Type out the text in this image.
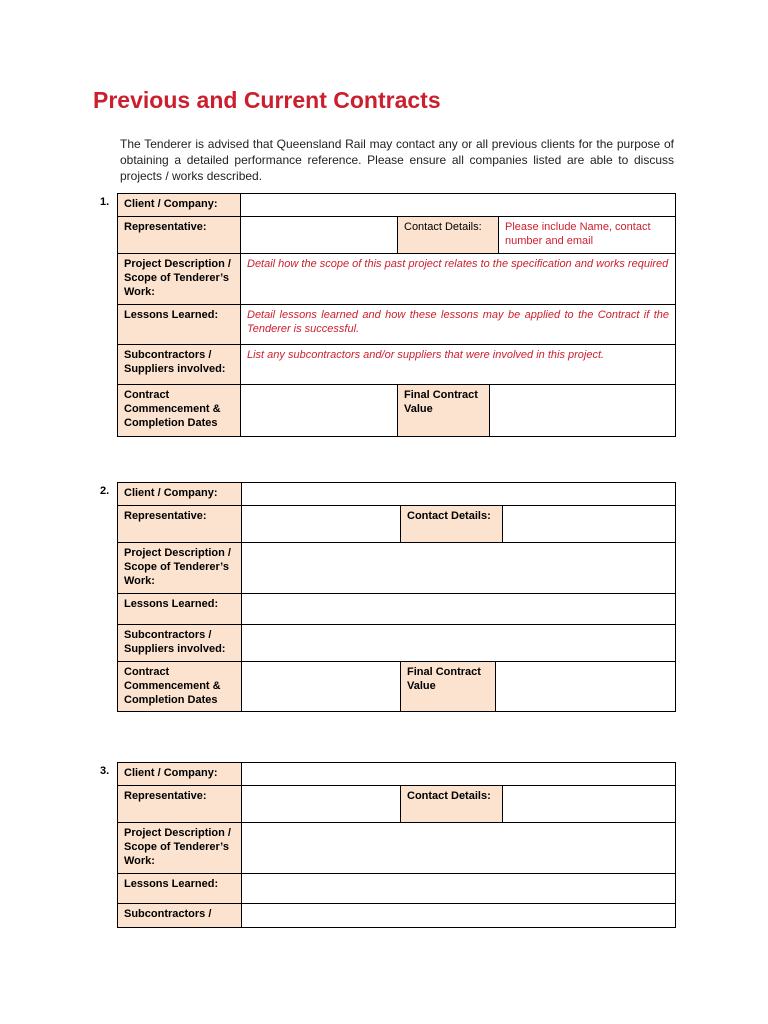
Previous and Current Contracts

The Tenderer is advised that Queensland Rail may contact any or all previous clients for the purpose of obtaining a detailed performance reference. Please ensure all companies listed are able to discuss projects / works described.

1. Client / Company:				
Representative:		Contact Details:		Please include Name, contact number and email
Project Description / Scope of Tenderer’s Work:	Detail how the scope of this past project relates to the specification and works required			
Lessons Learned:	Detail lessons learned and how these lessons may be applied to the Contract if the Tenderer is successful.			
Subcontractors / Suppliers involved:	List any subcontractors and/or suppliers that were involved in this project.			
Contract Commencement & Completion Dates		Final Contract Value		
2. Client / Company:				
Representative:		Contact Details:		
Project Description / Scope of Tenderer’s Work:				
Lessons Learned:				
Subcontractors / Suppliers involved:				
Contract Commencement & Completion Dates		Final Contract Value		
3. Client / Company:			
Representative:		Contact Details:	
Project Description / Scope of Tenderer’s Work:			
Lessons Learned:			
Subcontractors /			
